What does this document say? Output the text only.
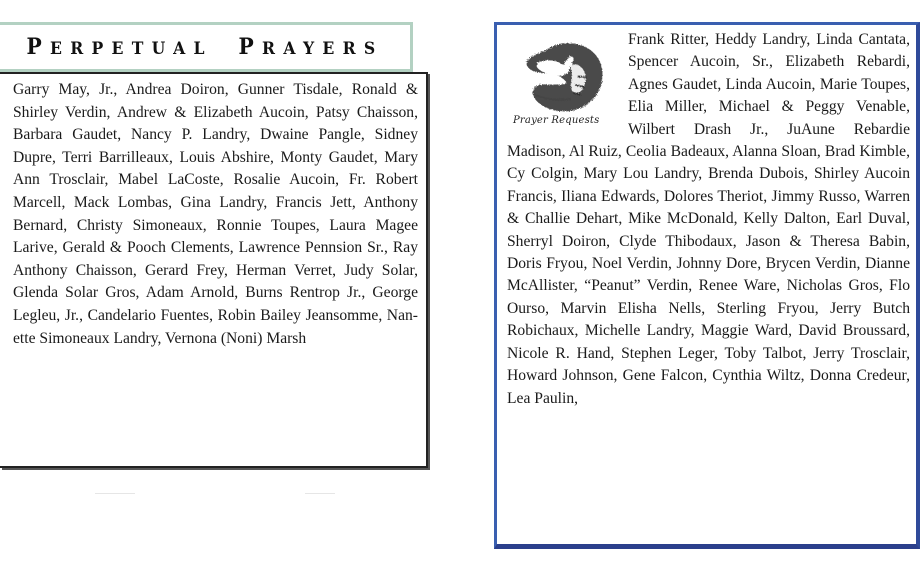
PERPETUAL PRAYERS

Garry May, Jr., Andrea Doiron, Gunner Tisdale, Ronald & Shirley Verdin, Andrew & Elizabeth Aucoin, Patsy Chaisson, Barbara Gaudet, Nancy P. Landry, Dwaine Pangle, Sidney Dupre, Terri Barrilleaux, Louis Abshire, Monty Gaudet, Mary Ann Trosclair, Mabel LaCoste, Rosalie Aucoin, Fr. Robert Marcell, Mack Lombas, Gina Landry, Francis Jett, Anthony Bernard, Christy Simoneaux, Ronnie Toupes, Laura Magee Larive, Gerald & Pooch Clements, Lawrence Pennsion Sr., Ray Anthony Chaisson, Gerard Frey, Herman Verret, Judy Solar, Glenda Solar Gros, Adam Arnold, Burns Rentrop Jr., George Legleu, Jr., Candelario Fuentes, Robin Bailey Jeansomme, Nanette Simoneaux Landry, Vernona (Noni) Marsh

Prayer Requests

Frank Ritter, Heddy Landry, Linda Cantata, Spencer Aucoin, Sr., Elizabeth Rebardi, Agnes Gaudet, Linda Aucoin, Marie Toupes, Elia Miller, Michael & Peggy Venable, Wilbert Drash Jr., JuAune Rebardie Madison, Al Ruiz, Ceolia Badeaux, Alanna Sloan, Brad Kimble, Cy Colgin, Mary Lou Landry, Brenda Dubois, Shirley Aucoin Francis, Iliana Edwards, Dolores Theriot, Jimmy Russo, Warren & Challie Dehart, Mike McDonald, Kelly Dalton, Earl Duval, Sherryl Doiron, Clyde Thibodaux, Jason & Theresa Babin, Doris Fryou, Noel Verdin, Johnny Dore, Brycen Verdin, Dianne McAllister, “Peanut” Verdin, Renee Ware, Nicholas Gros, Flo Ourso, Marvin Elisha Nells, Sterling Fryou, Jerry Butch Robichaux, Michelle Landry, Maggie Ward, David Broussard, Nicole R. Hand, Stephen Leger, Toby Talbot, Jerry Trosclair, Howard Johnson, Gene Falcon, Cynthia Wiltz, Donna Credeur, Lea Paulin,
